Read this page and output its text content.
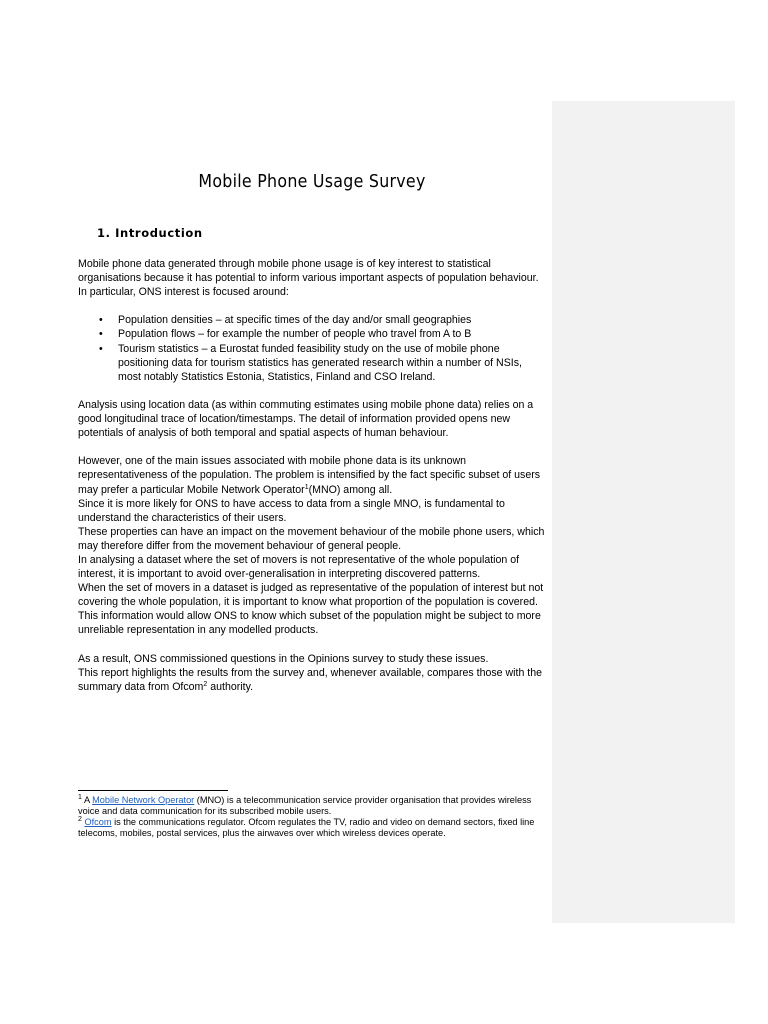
Mobile Phone Usage Survey
1. Introduction

Mobile phone data generated through mobile phone usage is of key interest to statistical organisations because it has potential to inform various important aspects of population behaviour. In particular, ONS interest is focused around:

• Population densities – at specific times of the day and/or small geographies
• Population flows – for example the number of people who travel from A to B
• Tourism statistics – a Eurostat funded feasibility study on the use of mobile phone positioning data for tourism statistics has generated research within a number of NSIs, most notably Statistics Estonia, Statistics, Finland and CSO Ireland.

Analysis using location data (as within commuting estimates using mobile phone data) relies on a good longitudinal trace of location/timestamps. The detail of information provided opens new potentials of analysis of both temporal and spatial aspects of human behaviour.

However, one of the main issues associated with mobile phone data is its unknown representativeness of the population. The problem is intensified by the fact specific subset of users may prefer a particular Mobile Network Operator$^1$(MNO) among all.

Since it is more likely for ONS to have access to data from a single MNO, is fundamental to understand the characteristics of their users.

These properties can have an impact on the movement behaviour of the mobile phone users, which may therefore differ from the movement behaviour of general people.

In analysing a dataset where the set of movers is not representative of the whole population of interest, it is important to avoid over-generalisation in interpreting discovered patterns.

When the set of movers in a dataset is judged as representative of the population of interest but not covering the whole population, it is important to know what proportion of the population is covered.

This information would allow ONS to know which subset of the population might be subject to more unreliable representation in any modelled products.

As a result, ONS commissioned questions in the Opinions survey to study these issues.

This report highlights the results from the survey and, whenever available, compares those with the summary data from Ofcom$^2$ authority.

$^1$ A Mobile Network Operator (MNO) is a telecommunication service provider organisation that provides wireless voice and data communication for its subscribed mobile users.

$^2$ Ofcom is the communications regulator. Ofcom regulates the TV, radio and video on demand sectors, fixed line telecoms, mobiles, postal services, plus the airwaves over which wireless devices operate.
